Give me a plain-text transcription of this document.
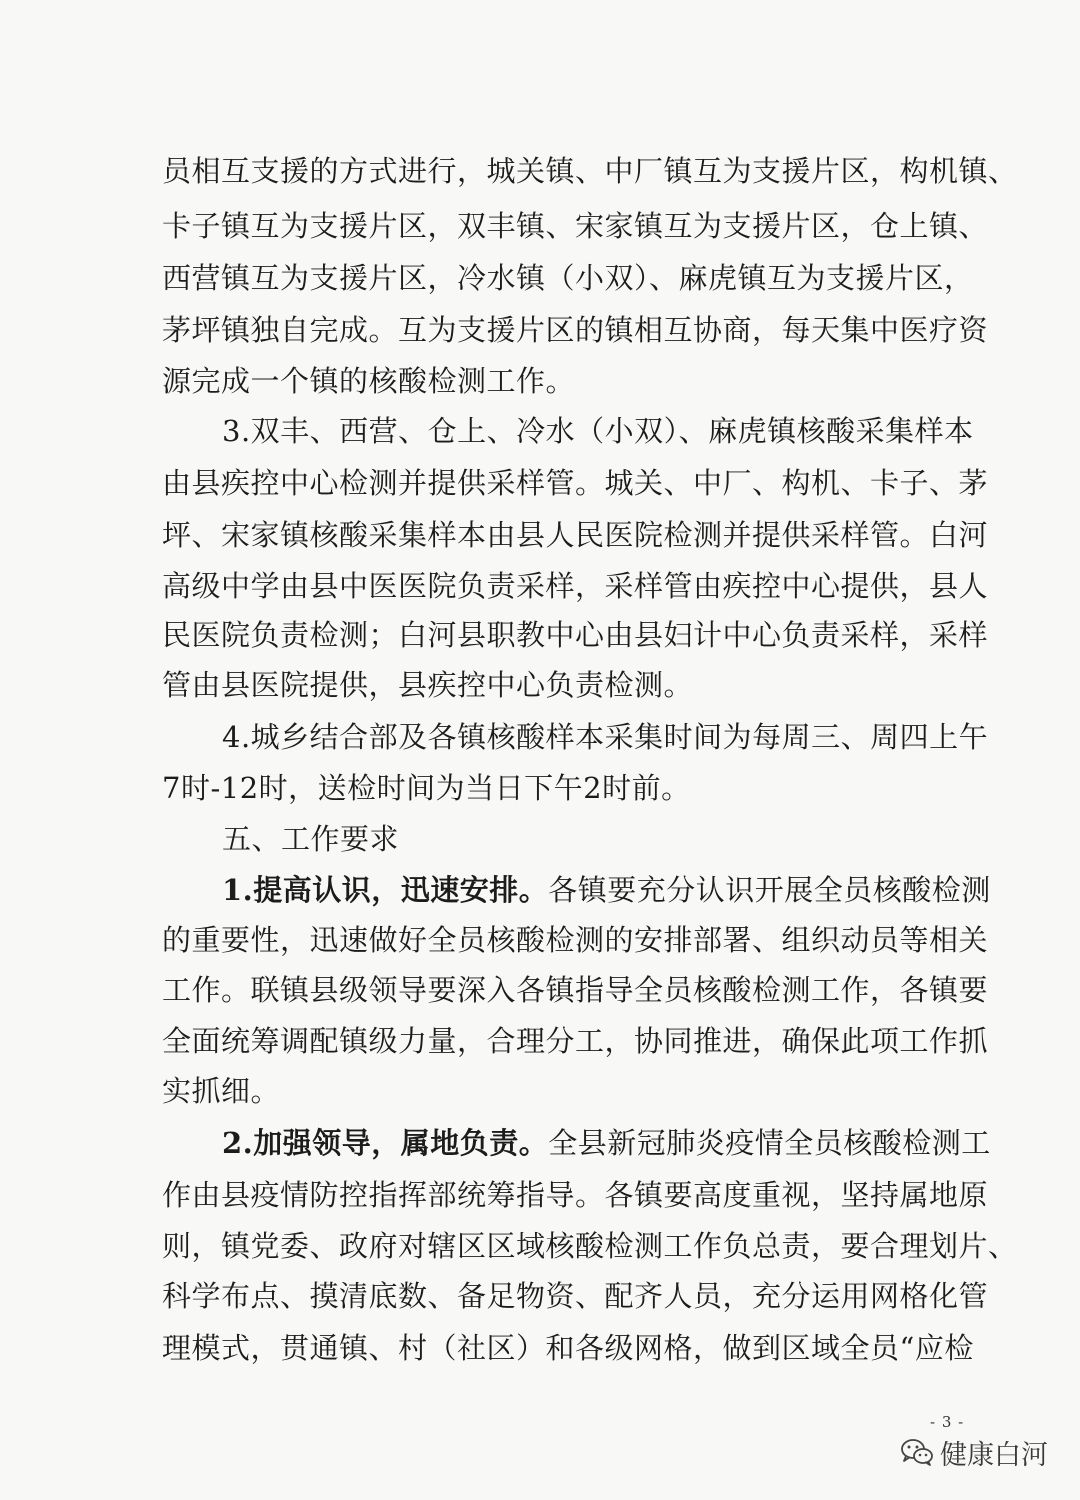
员相互支援的方式进行，城关镇、中厂镇互为支援片区，构机镇、
卡子镇互为支援片区，双丰镇、宋家镇互为支援片区，仓上镇、
西营镇互为支援片区，冷水镇（小双）、麻虎镇互为支援片区，
茅坪镇独自完成。互为支援片区的镇相互协商，每天集中医疗资
源完成一个镇的核酸检测工作。
3.双丰、西营、仓上、冷水（小双）、麻虎镇核酸采集样本
由县疾控中心检测并提供采样管。城关、中厂、构机、卡子、茅
坪、宋家镇核酸采集样本由县人民医院检测并提供采样管。白河
高级中学由县中医医院负责采样，采样管由疾控中心提供，县人
民医院负责检测；白河县职教中心由县妇计中心负责采样，采样
管由县医院提供，县疾控中心负责检测。
4.城乡结合部及各镇核酸样本采集时间为每周三、周四上午
7时-12时，送检时间为当日下午2时前。
五、工作要求
1.提高认识，迅速安排。各镇要充分认识开展全员核酸检测
的重要性，迅速做好全员核酸检测的安排部署、组织动员等相关
工作。联镇县级领导要深入各镇指导全员核酸检测工作，各镇要
全面统筹调配镇级力量，合理分工，协同推进，确保此项工作抓
实抓细。
2.加强领导，属地负责。全县新冠肺炎疫情全员核酸检测工
作由县疫情防控指挥部统筹指导。各镇要高度重视，坚持属地原
则，镇党委、政府对辖区区域核酸检测工作负总责，要合理划片、
科学布点、摸清底数、备足物资、配齐人员，充分运用网格化管
理模式，贯通镇、村（社区）和各级网格，做到区域全员“应检
- 3 -
健康白河
